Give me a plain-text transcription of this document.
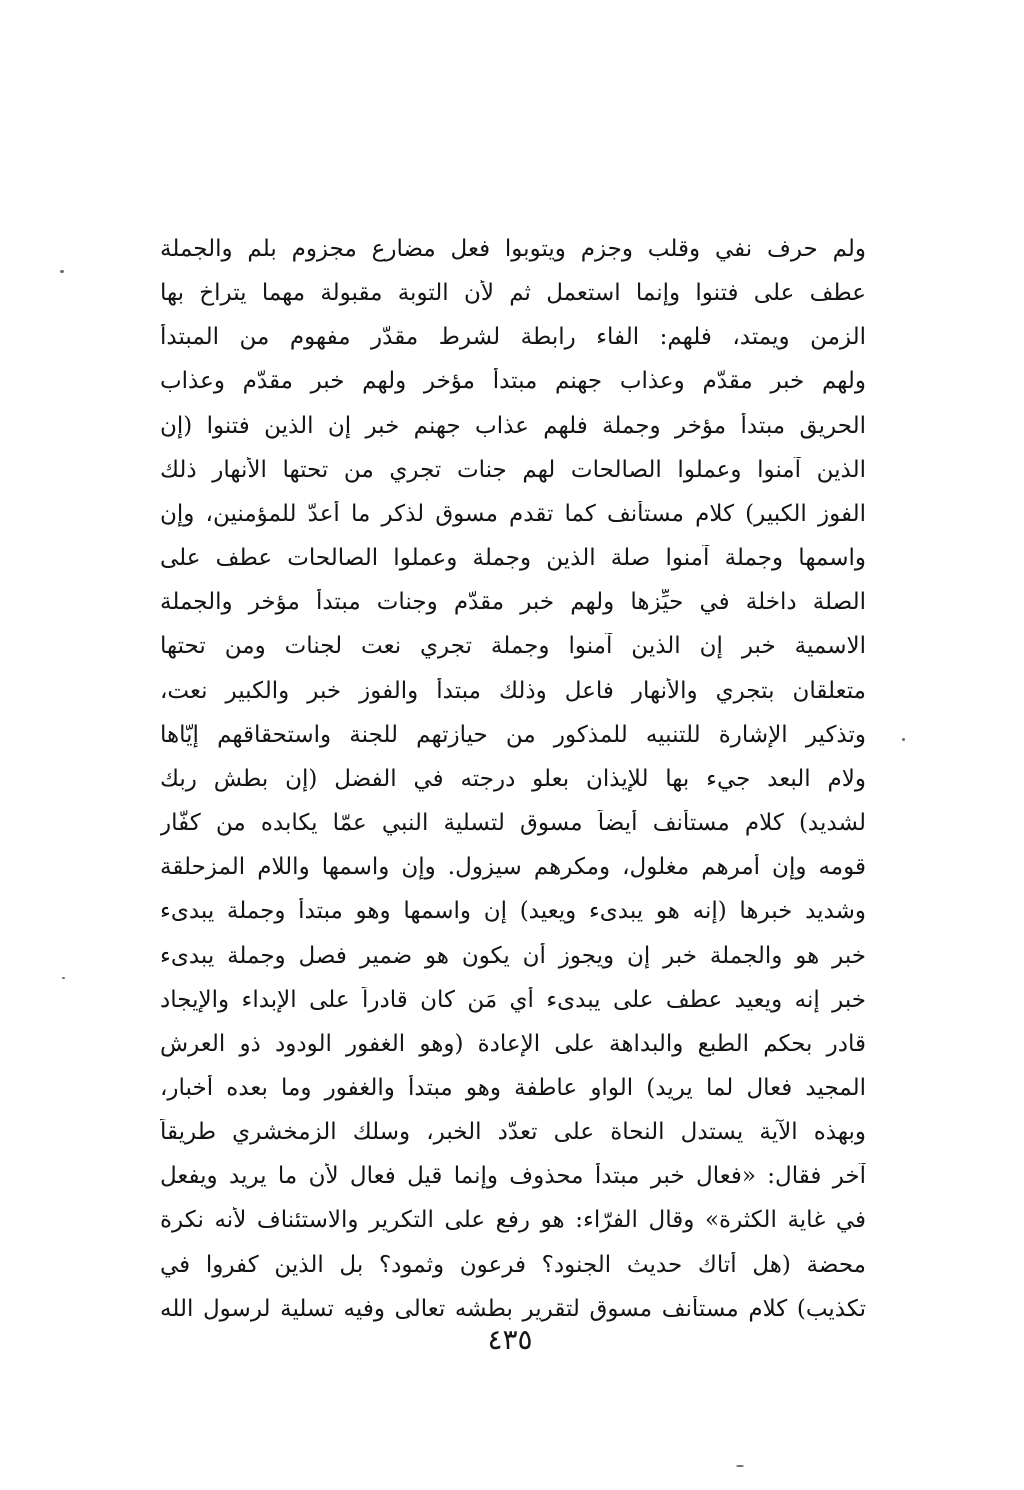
ولم حرف نفي وقلب وجزم ويتوبوا فعل مضارع مجزوم بلم والجملة
عطف على فتنوا وإنما استعمل ثم لأن التوبة مقبولة مهما يتراخ بها
الزمن ويمتد، فلهم: الفاء رابطة لشرط مقدّر مفهوم من المبتدأ
ولهم خبر مقدّم وعذاب جهنم مبتدأ مؤخر ولهم خبر مقدّم وعذاب
الحريق مبتدأ مؤخر وجملة فلهم عذاب جهنم خبر إن الذين فتنوا (إن
الذين آمنوا وعملوا الصالحات لهم جنات تجري من تحتها الأنهار ذلك
الفوز الكبير) كلام مستأنف كما تقدم مسوق لذكر ما أعدّ للمؤمنين، وإن
واسمها وجملة آمنوا صلة الذين وجملة وعملوا الصالحات عطف على
الصلة داخلة في حيِّزها ولهم خبر مقدّم وجنات مبتدأ مؤخر والجملة
الاسمية خبر إن الذين آمنوا وجملة تجري نعت لجنات ومن تحتها
متعلقان بتجري والأنهار فاعل وذلك مبتدأ والفوز خبر والكبير نعت،
وتذكير الإشارة للتنبيه للمذكور من حيازتهم للجنة واستحقاقهم إيّاها
ولام البعد جيء بها للإيذان بعلو درجته في الفضل (إن بطش ربك
لشديد) كلام مستأنف أيضاً مسوق لتسلية النبي عمّا يكابده من كفّار
قومه وإن أمرهم مغلول، ومكرهم سيزول. وإن واسمها واللام المزحلقة
وشديد خبرها (إنه هو يبدىء ويعيد) إن واسمها وهو مبتدأ وجملة يبدىء
خبر هو والجملة خبر إن ويجوز أن يكون هو ضمير فصل وجملة يبدىء
خبر إنه ويعيد عطف على يبدىء أي مَن كان قادراً على الإبداء والإيجاد
قادر بحكم الطبع والبداهة على الإعادة (وهو الغفور الودود ذو العرش
المجيد فعال لما يريد) الواو عاطفة وهو مبتدأ والغفور وما بعده أخبار،
وبهذه الآية يستدل النحاة على تعدّد الخبر، وسلك الزمخشري طريقاً
آخر فقال: «فعال خبر مبتدأ محذوف وإنما قيل فعال لأن ما يريد ويفعل
في غاية الكثرة» وقال الفرّاء: هو رفع على التكرير والاستئناف لأنه نكرة
محضة (هل أتاك حديث الجنود؟ فرعون وثمود؟ بل الذين كفروا في
تكذيب) كلام مستأنف مسوق لتقرير بطشه تعالى وفيه تسلية لرسول الله
٤٣٥
